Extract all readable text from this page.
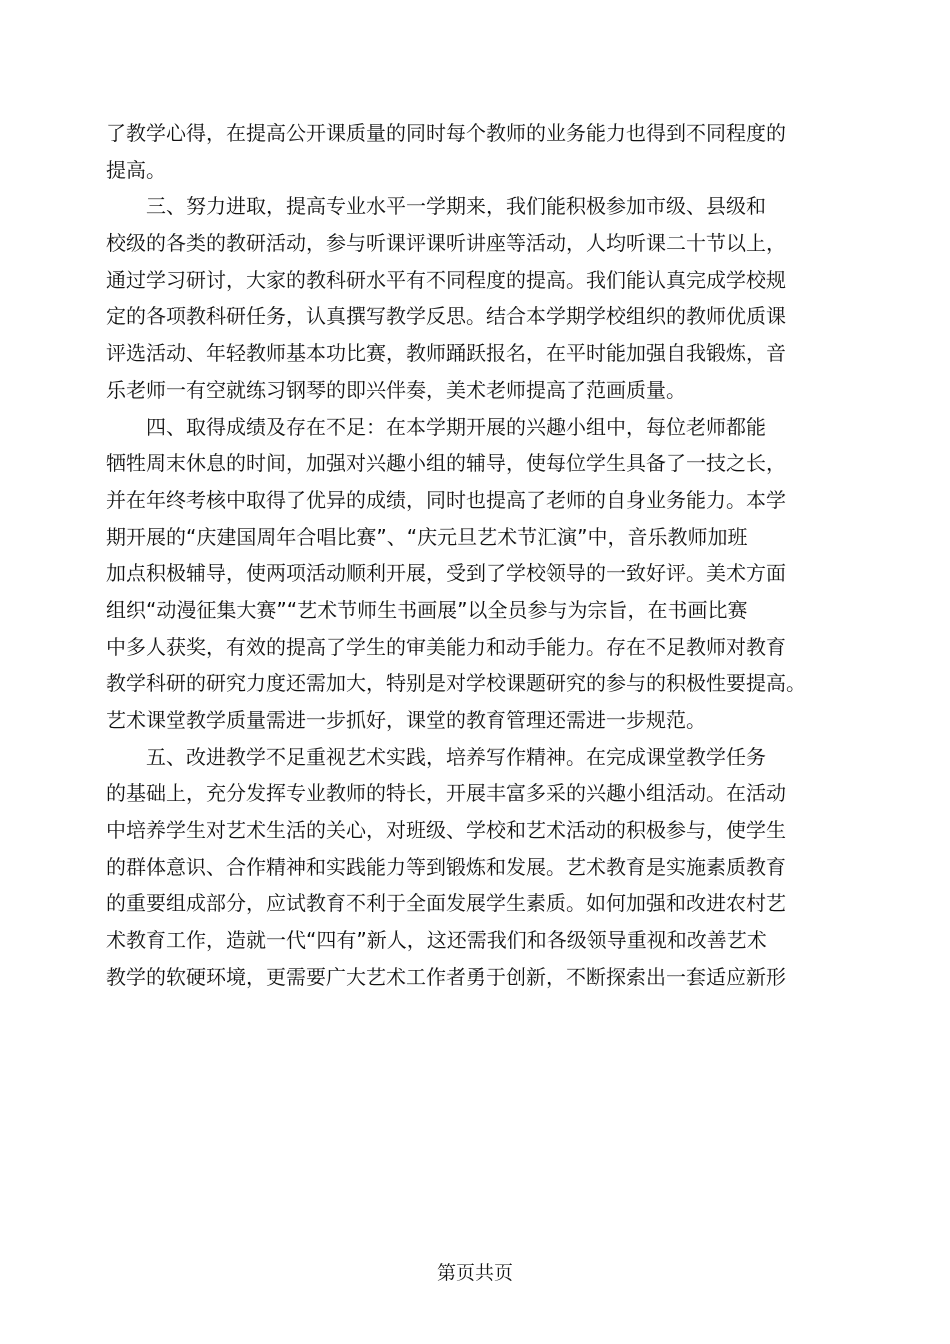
了教学心得，在提高公开课质量的同时每个教师的业务能力也得到不同程度的
提高。
　　三、努力进取，提高专业水平一学期来，我们能积极参加市级、县级和
校级的各类的教研活动，参与听课评课听讲座等活动，人均听课二十节以上，
通过学习研讨，大家的教科研水平有不同程度的提高。我们能认真完成学校规
定的各项教科研任务，认真撰写教学反思。结合本学期学校组织的教师优质课
评选活动、年轻教师基本功比赛，教师踊跃报名，在平时能加强自我锻炼，音
乐老师一有空就练习钢琴的即兴伴奏，美术老师提高了范画质量。
　　四、取得成绩及存在不足：在本学期开展的兴趣小组中，每位老师都能
牺牲周末休息的时间，加强对兴趣小组的辅导，使每位学生具备了一技之长，
并在年终考核中取得了优异的成绩，同时也提高了老师的自身业务能力。本学
期开展的“庆建国周年合唱比赛”、“庆元旦艺术节汇演”中，音乐教师加班
加点积极辅导，使两项活动顺利开展，受到了学校领导的一致好评。美术方面
组织“动漫征集大赛”“艺术节师生书画展”以全员参与为宗旨，在书画比赛
中多人获奖，有效的提高了学生的审美能力和动手能力。存在不足教师对教育
教学科研的研究力度还需加大，特别是对学校课题研究的参与的积极性要提高。
艺术课堂教学质量需进一步抓好，课堂的教育管理还需进一步规范。
　　五、改进教学不足重视艺术实践，培养写作精神。在完成课堂教学任务
的基础上，充分发挥专业教师的特长，开展丰富多采的兴趣小组活动。在活动
中培养学生对艺术生活的关心，对班级、学校和艺术活动的积极参与，使学生
的群体意识、合作精神和实践能力等到锻炼和发展。艺术教育是实施素质教育
的重要组成部分，应试教育不利于全面发展学生素质。如何加强和改进农村艺
术教育工作，造就一代“四有”新人，这还需我们和各级领导重视和改善艺术
教学的软硬环境，更需要广大艺术工作者勇于创新，不断探索出一套适应新形
第页共页
